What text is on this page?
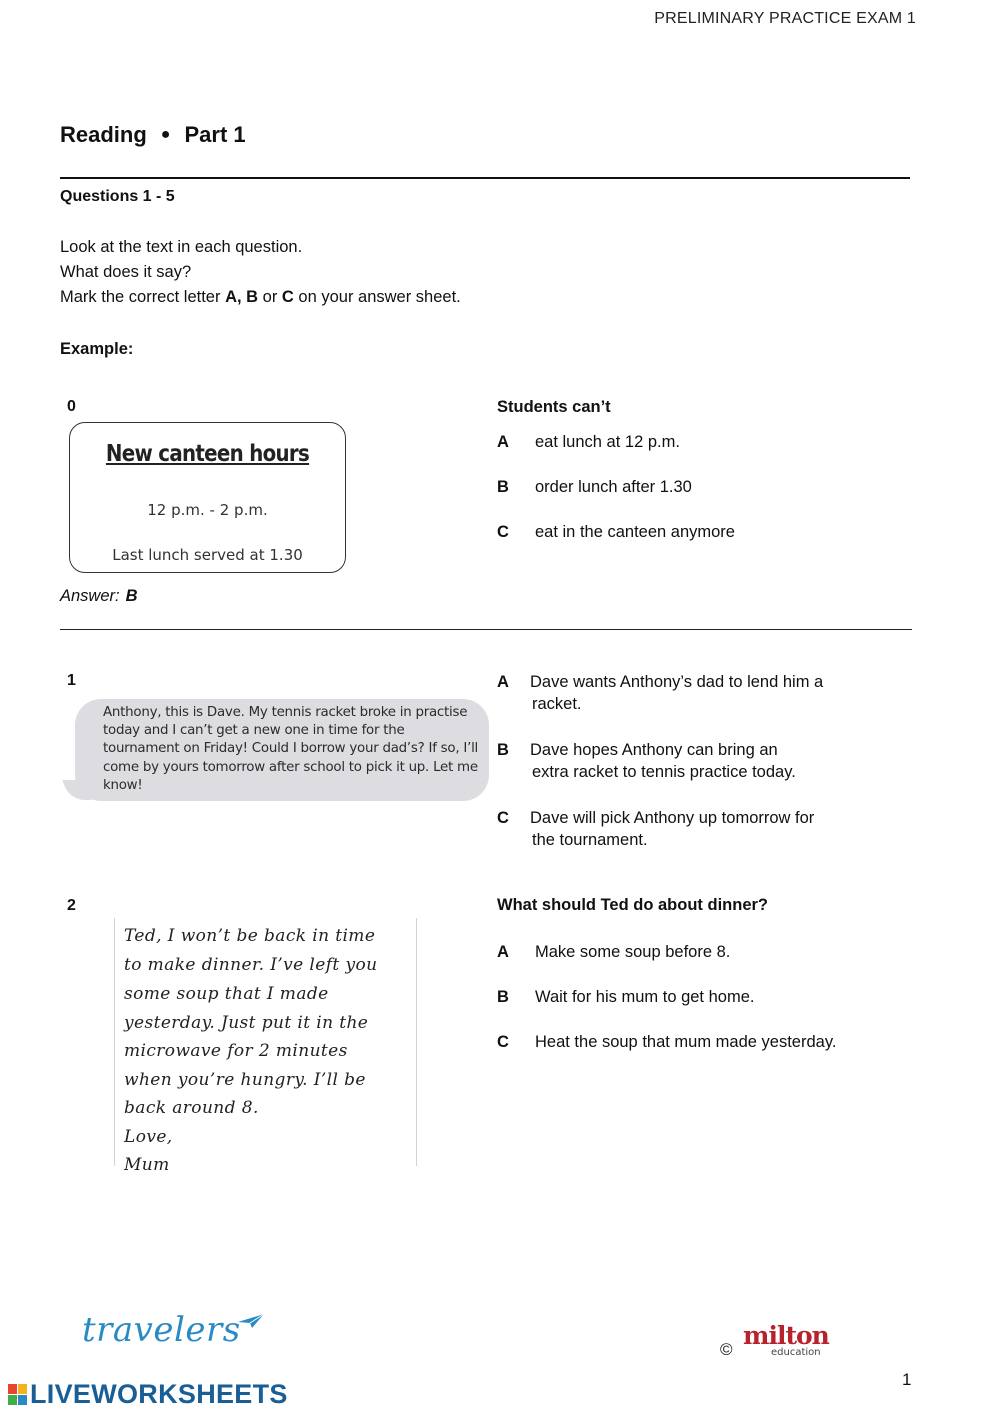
PRELIMINARY PRACTICE EXAM 1
Reading ● Part 1
Questions 1 - 5
Look at the text in each question.
What does it say?
Mark the correct letter A, B or C on your answer sheet.
Example:
0
New canteen hours
12 p.m. - 2 p.m.
Last lunch served at 1.30
Students can’t
A eat lunch at 12 p.m.
B order lunch after 1.30
C eat in the canteen anymore
Answer: B
1
Anthony, this is Dave. My tennis racket broke in practise
today and I can’t get a new one in time for the
tournament on Friday! Could I borrow your dad’s? If so, I’ll
come by yours tomorrow after school to pick it up. Let me
know!
A Dave wants Anthony’s dad to lend him a
racket.
B Dave hopes Anthony can bring an
extra racket to tennis practice today.
C Dave will pick Anthony up tomorrow for
the tournament.
2
Ted, I won’t be back in time
to make dinner. I’ve left you
some soup that I made
yesterday. Just put it in the
microwave for 2 minutes
when you’re hungry. I’ll be
back around 8.
Love,
Mum
What should Ted do about dinner?
A Make some soup before 8.
B Wait for his mum to get home.
C Heat the soup that mum made yesterday.
travelers	© milton
education
1
LIVEWORKSHEETS
